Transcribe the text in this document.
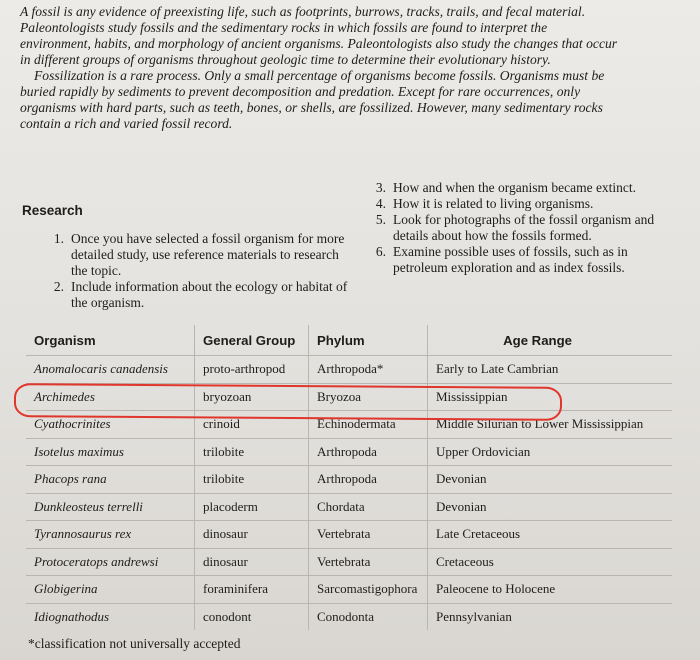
A fossil is any evidence of preexisting life, such as footprints, burrows, tracks, trails, and fecal material. Paleontologists study fossils and the sedimentary rocks in which fossils are found to interpret the environment, habits, and morphology of ancient organisms. Paleontologists also study the changes that occur in different groups of organisms throughout geologic time to determine their evolutionary history.

Fossilization is a rare process. Only a small percentage of organisms become fossils. Organisms must be buried rapidly by sediments to prevent decomposition and predation. Except for rare occurrences, only organisms with hard parts, such as teeth, bones, or shells, are fossilized. However, many sedimentary rocks contain a rich and varied fossil record.

Research
1. Once you have selected a fossil organism for more detailed study, use reference materials to research the topic.
2. Include information about the ecology or habitat of the organism.
3. How and when the organism became extinct.
4. How it is related to living organisms.
5. Look for photographs of the fossil organism and details about how the fossils formed.
6. Examine possible uses of fossils, such as in petroleum exploration and as index fossils.
Organism	General Group	Phylum	Age Range
Anomalocaris canadensis	proto-arthropod	Arthropoda*	Early to Late Cambrian
Archimedes	bryozoan	Bryozoa	Mississippian
Cyathocrinites	crinoid	Echinodermata	Middle Silurian to Lower Mississippian
Isotelus maximus	trilobite	Arthropoda	Upper Ordovician
Phacops rana	trilobite	Arthropoda	Devonian
Dunkleosteus terrelli	placoderm	Chordata	Devonian
Tyrannosaurus rex	dinosaur	Vertebrata	Late Cretaceous
Protoceratops andrewsi	dinosaur	Vertebrata	Cretaceous
Globigerina	foraminifera	Sarcomastigophora	Paleocene to Holocene
Idiognathodus	conodont	Conodonta	Pennsylvanian
*classification not universally accepted
